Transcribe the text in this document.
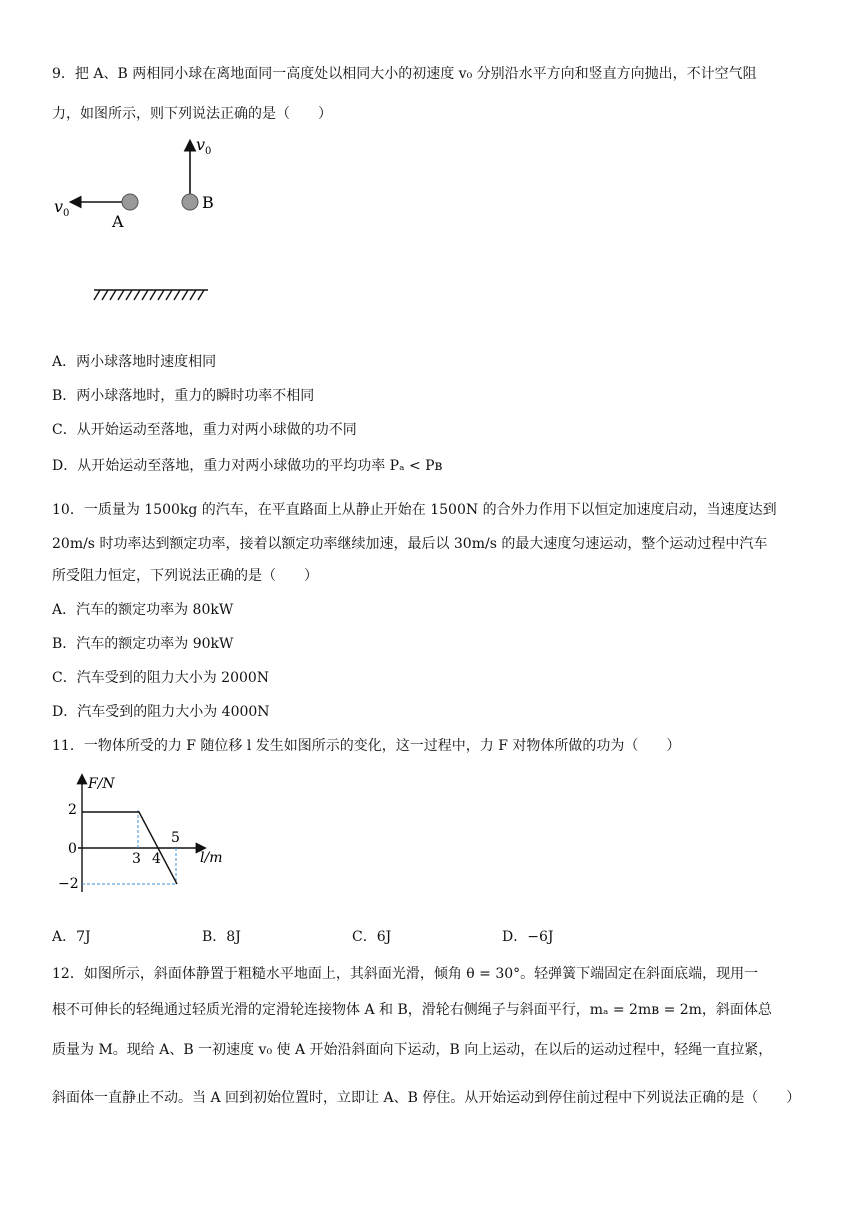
9．把 A、B 两相同小球在离地面同一高度处以相同大小的初速度 v₀ 分别沿水平方向和竖直方向抛出，不计空气阻
力，如图所示，则下列说法正确的是（　　）
v 0	A
v 0
B
A．两小球落地时速度相同
B．两小球落地时，重力的瞬时功率不相同
C．从开始运动至落地，重力对两小球做的功不同
D．从开始运动至落地，重力对两小球做功的平均功率 Pₐ < Pʙ
10．一质量为 1500kg 的汽车，在平直路面上从静止开始在 1500N 的合外力作用下以恒定加速度启动，当速度达到
20m/s 时功率达到额定功率，接着以额定功率继续加速，最后以 30m/s 的最大速度匀速运动，整个运动过程中汽车
所受阻力恒定，下列说法正确的是（　　）
A．汽车的额定功率为 80kW
B．汽车的额定功率为 90kW
C．汽车受到的阻力大小为 2000N
D．汽车受到的阻力大小为 4000N
11．一物体所受的力 F 随位移 l 发生如图所示的变化，这一过程中，力 F 对物体所做的功为（　　）
F/N
l/m
2
0
−2
3 4
5
A．7J	B．8J	C．6J	D．−6J
12．如图所示，斜面体静置于粗糙水平地面上，其斜面光滑，倾角 θ = 30°。轻弹簧下端固定在斜面底端，现用一
根不可伸长的轻绳通过轻质光滑的定滑轮连接物体 A 和 B，滑轮右侧绳子与斜面平行，mₐ = 2mʙ = 2m，斜面体总
质量为 M。现给 A、B 一初速度 v₀ 使 A 开始沿斜面向下运动，B 向上运动，在以后的运动过程中，轻绳一直拉紧，
斜面体一直静止不动。当 A 回到初始位置时，立即让 A、B 停住。从开始运动到停住前过程中下列说法正确的是（　　）
